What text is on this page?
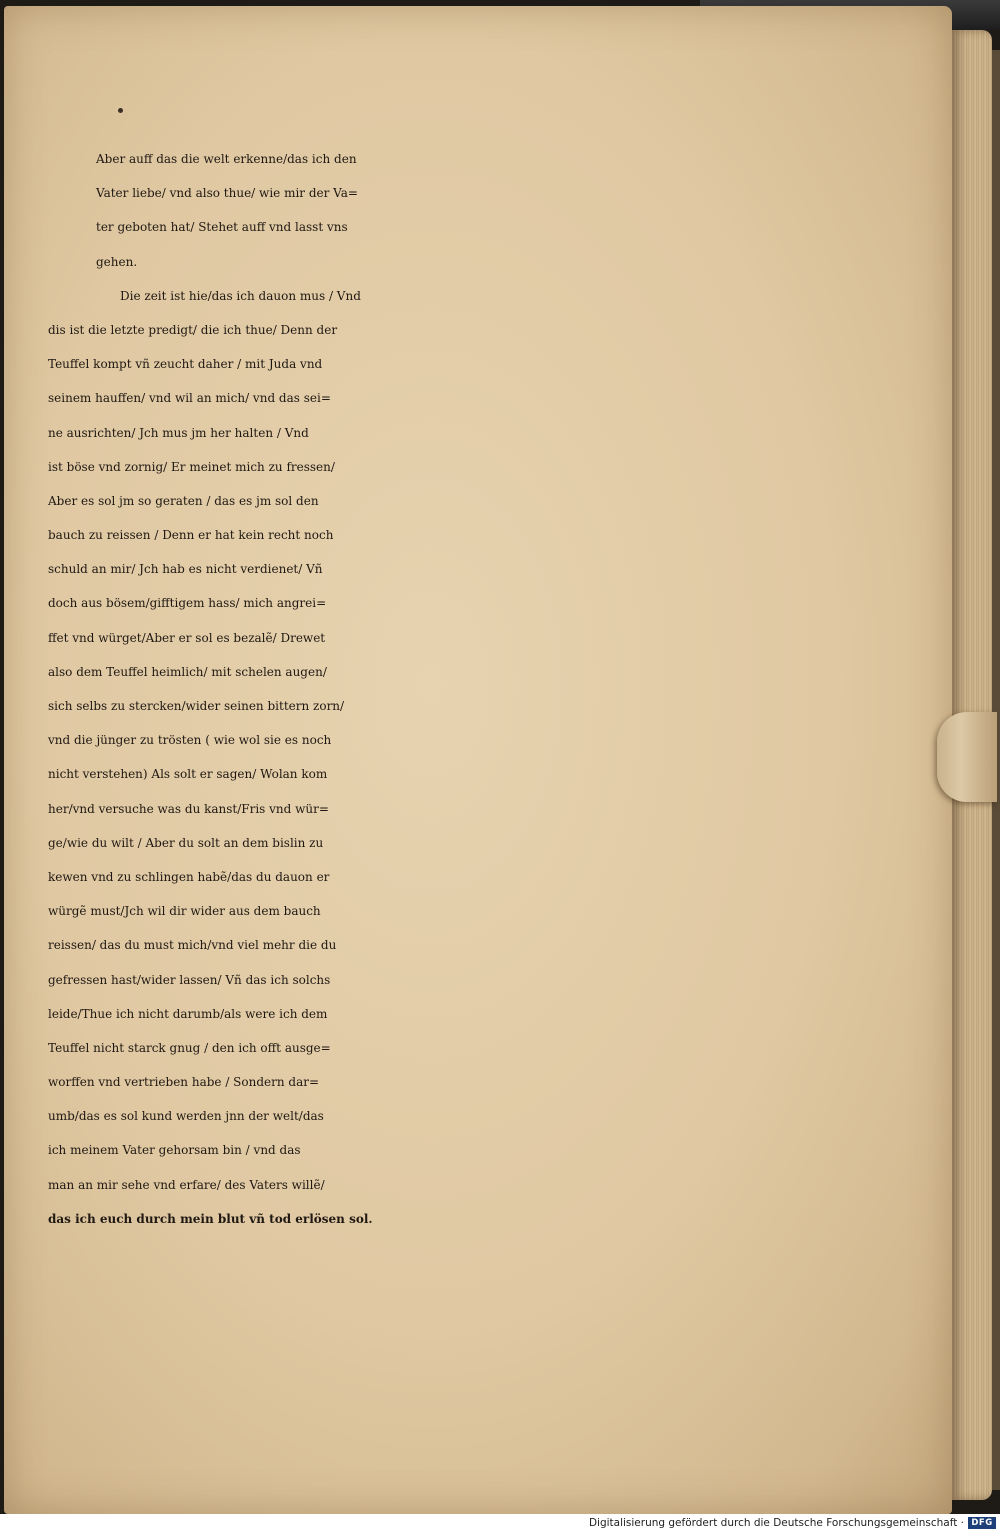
Aber auff das die welt erkenne/das ich den
Vater liebe/ vnd also thue/ wie mir der Va=
ter geboten hat/ Stehet auff vnd lasst vns
gehen.
Die zeit ist hie/das ich dauon mus / Vnd
dis ist die letzte predigt/ die ich thue/ Denn der
Teuffel kompt vñ zeucht daher / mit Juda vnd
seinem hauffen/ vnd wil an mich/ vnd das sei=
ne ausrichten/ Jch mus jm her halten / Vnd
ist böse vnd zornig/ Er meinet mich zu fressen/
Aber es sol jm so geraten / das es jm sol den
bauch zu reissen / Denn er hat kein recht noch
schuld an mir/ Jch hab es nicht verdienet/ Vñ
doch aus bösem/gifftigem hass/ mich angrei=
ffet vnd würget/Aber er sol es bezalẽ/ Drewet
also dem Teuffel heimlich/ mit schelen augen/
sich selbs zu stercken/wider seinen bittern zorn/
vnd die jünger zu trösten ( wie wol sie es noch
nicht verstehen) Als solt er sagen/ Wolan kom
her/vnd versuche was du kanst/Fris vnd wür=
ge/wie du wilt / Aber du solt an dem bislin zu
kewen vnd zu schlingen habẽ/das du dauon er
würgẽ must/Jch wil dir wider aus dem bauch
reissen/ das du must mich/vnd viel mehr die du
gefressen hast/wider lassen/ Vñ das ich solchs
leide/Thue ich nicht darumb/als were ich dem
Teuffel nicht starck gnug / den ich offt ausge=
worffen vnd vertrieben habe / Sondern dar=
umb/das es sol kund werden jnn der welt/das
ich meinem Vater gehorsam bin / vnd das
man an mir sehe vnd erfare/ des Vaters willẽ/
das ich euch durch mein blut vñ tod erlösen sol.
Digitalisierung gefördert durch die Deutsche Forschungsgemeinschaft · DFG
